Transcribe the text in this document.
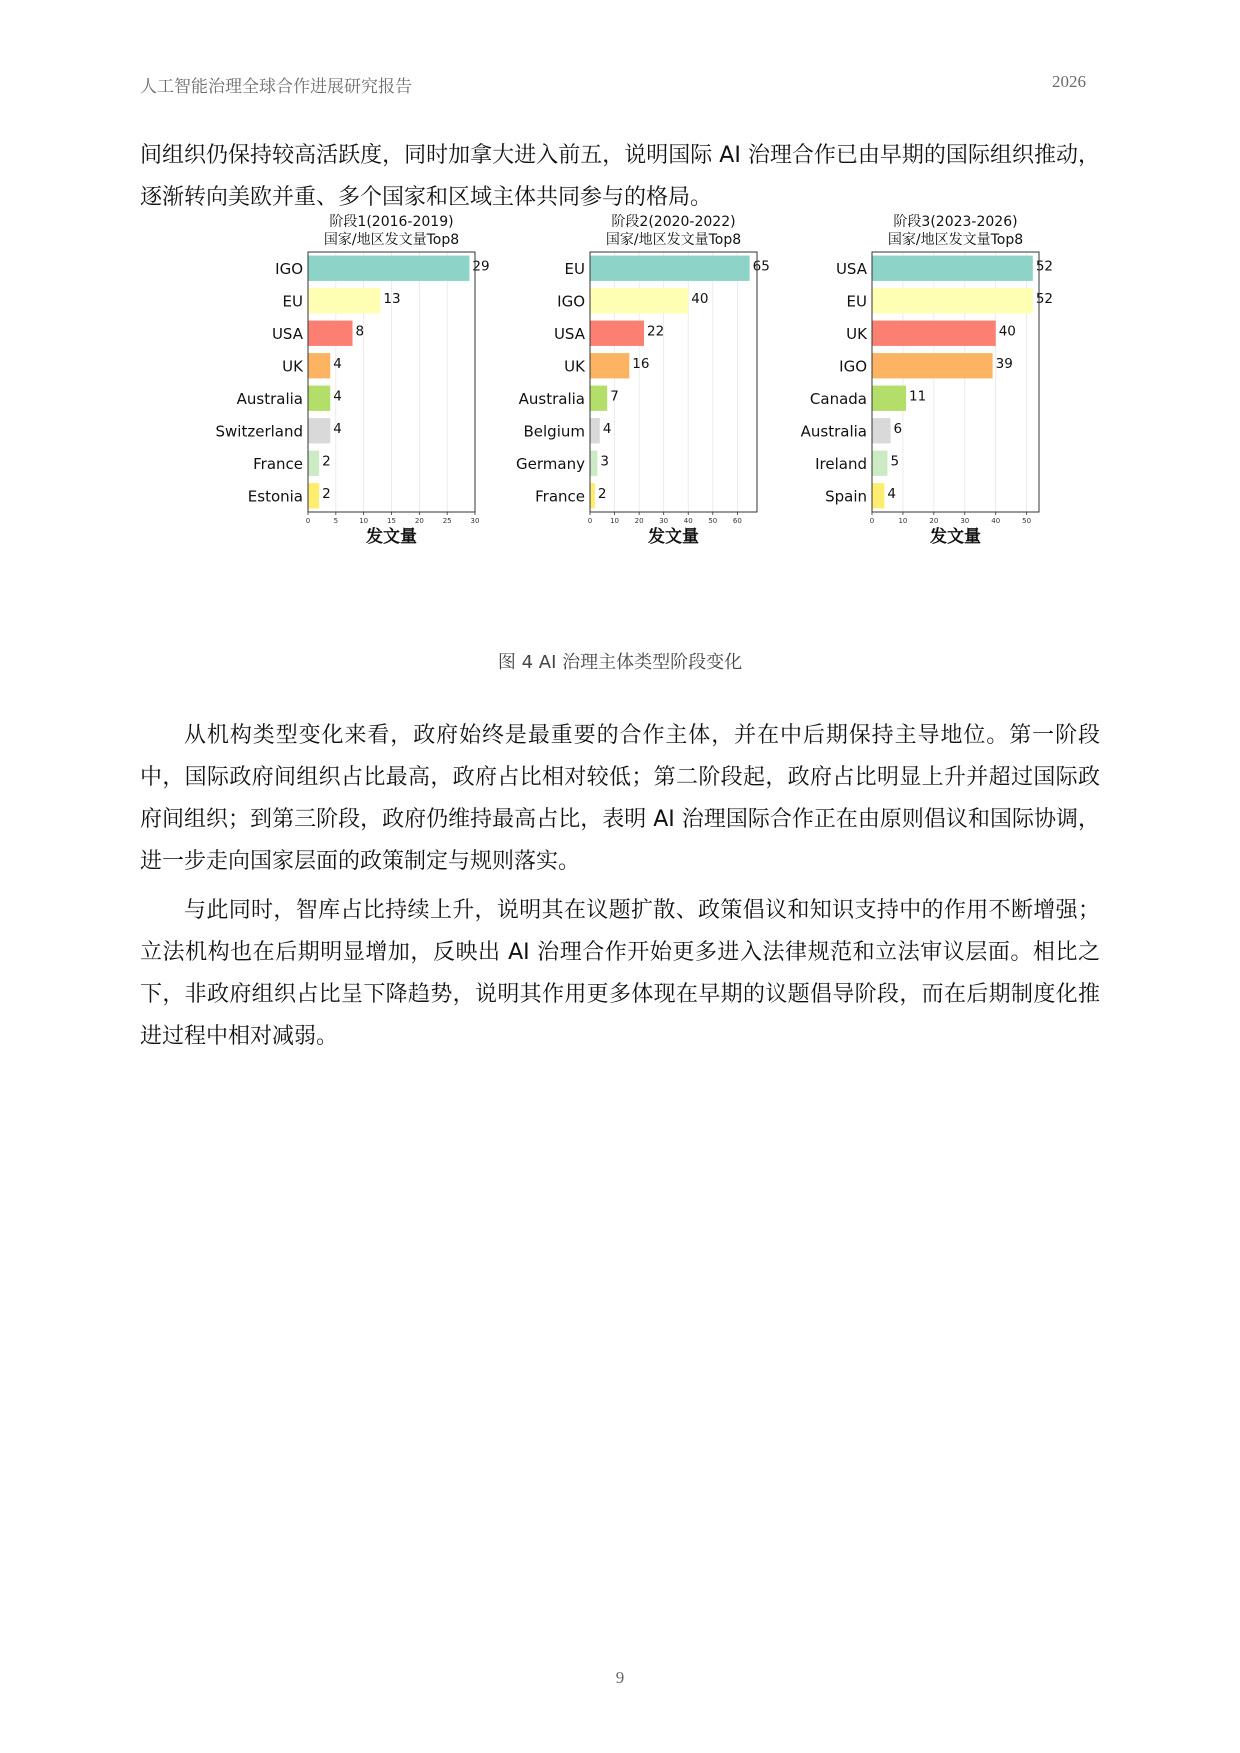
人工智能治理全球合作进展研究报告	2026

间组织仍保持较高活跃度，同时加拿大进入前五，说明国际 AI 治理合作已由早期的国际组织推动，逐渐转向美欧并重、多个国家和区域主体共同参与的格局。

阶段1(2016-2019)
国家/地区发文量Top8
IGO	29
EU	13
USA	8
UK 4
Australia 4
Switzerland 4
France 2
Estonia 2
0	5	10	15	20	25	30
发文量
阶段2(2020-2022)
国家/地区发文量Top8
EU	65
IGO	40
USA	22
UK	16
Australia 7
Belgium 4
Germany 3
France 2
0	10 20 30 40 50 60
发文量
阶段3(2023-2026)
国家/地区发文量Top8
USA	52
EU	52
UK	40
IGO	39
Canada	11
Australia 6
Ireland 5
Spain 4
0	10	20	30	40	50
发文量
图 4 AI 治理主体类型阶段变化

从机构类型变化来看，政府始终是最重要的合作主体，并在中后期保持主导地位。第一阶段中，国际政府间组织占比最高，政府占比相对较低；第二阶段起，政府占比明显上升并超过国际政府间组织；到第三阶段，政府仍维持最高占比，表明 AI 治理国际合作正在由原则倡议和国际协调，进一步走向国家层面的政策制定与规则落实。

与此同时，智库占比持续上升，说明其在议题扩散、政策倡议和知识支持中的作用不断增强；立法机构也在后期明显增加，反映出 AI 治理合作开始更多进入法律规范和立法审议层面。相比之下，非政府组织占比呈下降趋势，说明其作用更多体现在早期的议题倡导阶段，而在后期制度化推进过程中相对减弱。

9
